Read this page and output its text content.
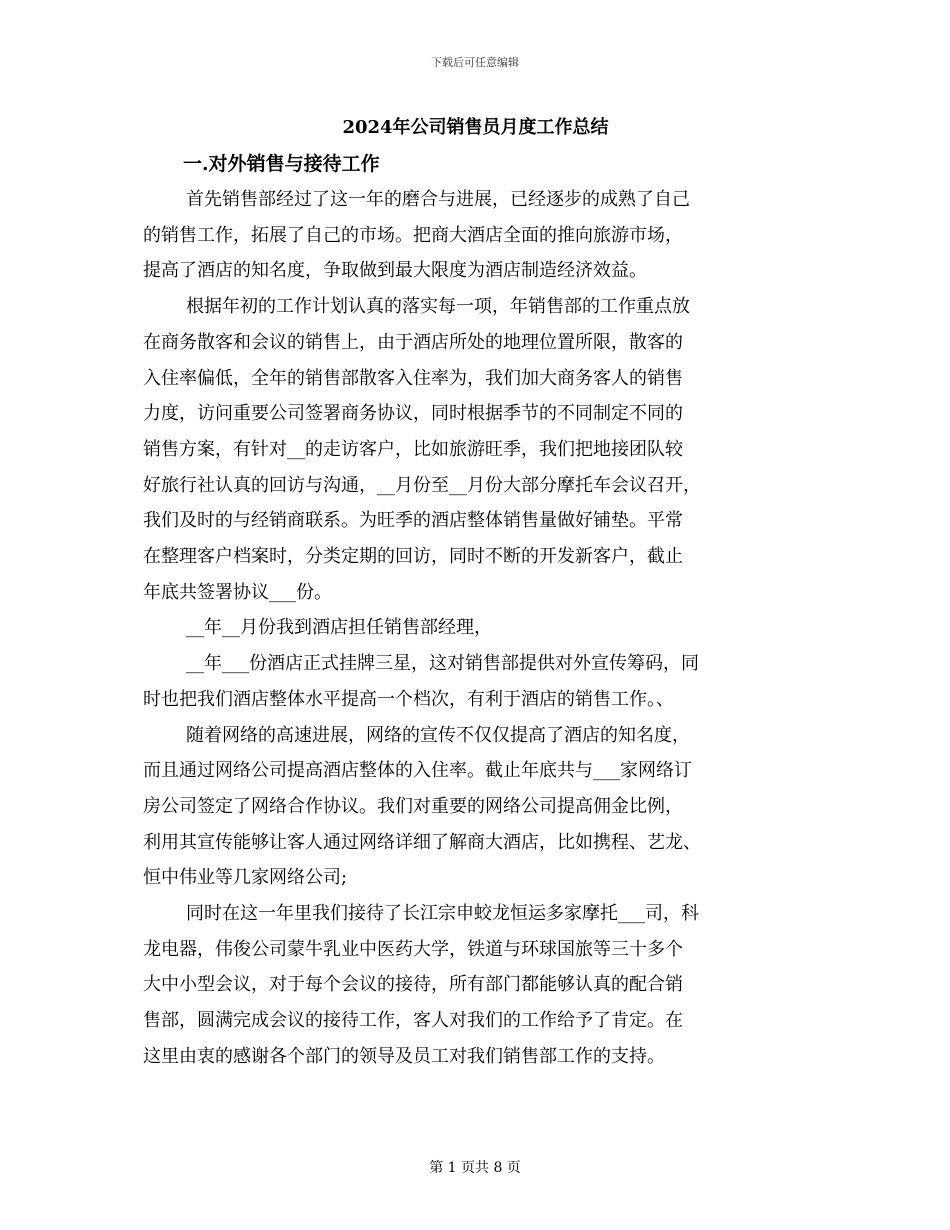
下载后可任意编辑
2024年公司销售员月度工作总结
一.对外销售与接待工作

首先销售部经过了这一年的磨合与进展，已经逐步的成熟了自己
的销售工作，拓展了自己的市场。把商大酒店全面的推向旅游市场，
提高了酒店的知名度，争取做到最大限度为酒店制造经济效益。

根据年初的工作计划认真的落实每一项，年销售部的工作重点放
在商务散客和会议的销售上，由于酒店所处的地理位置所限，散客的
入住率偏低，全年的销售部散客入住率为，我们加大商务客人的销售
力度，访问重要公司签署商务协议，同时根据季节的不同制定不同的
销售方案，有针对__的走访客户，比如旅游旺季，我们把地接团队较
好旅行社认真的回访与沟通，__月份至__月份大部分摩托车会议召开，
我们及时的与经销商联系。为旺季的酒店整体销售量做好铺垫。平常
在整理客户档案时，分类定期的回访，同时不断的开发新客户，截止
年底共签署协议___份。

__年__月份我到酒店担任销售部经理，

__年___份酒店正式挂牌三星，这对销售部提供对外宣传筹码，同
时也把我们酒店整体水平提高一个档次，有利于酒店的销售工作。、

随着网络的高速进展，网络的宣传不仅仅提高了酒店的知名度，
而且通过网络公司提高酒店整体的入住率。截止年底共与___家网络订
房公司签定了网络合作协议。我们对重要的网络公司提高佣金比例，
利用其宣传能够让客人通过网络详细了解商大酒店，比如携程、艺龙、
恒中伟业等几家网络公司;

同时在这一年里我们接待了长江宗申蛟龙恒运多家摩托___司，科
龙电器，伟俊公司蒙牛乳业中医药大学，铁道与环球国旅等三十多个
大中小型会议，对于每个会议的接待，所有部门都能够认真的配合销
售部，圆满完成会议的接待工作，客人对我们的工作给予了肯定。在
这里由衷的感谢各个部门的领导及员工对我们销售部工作的支持。

第 1 页共 8 页
